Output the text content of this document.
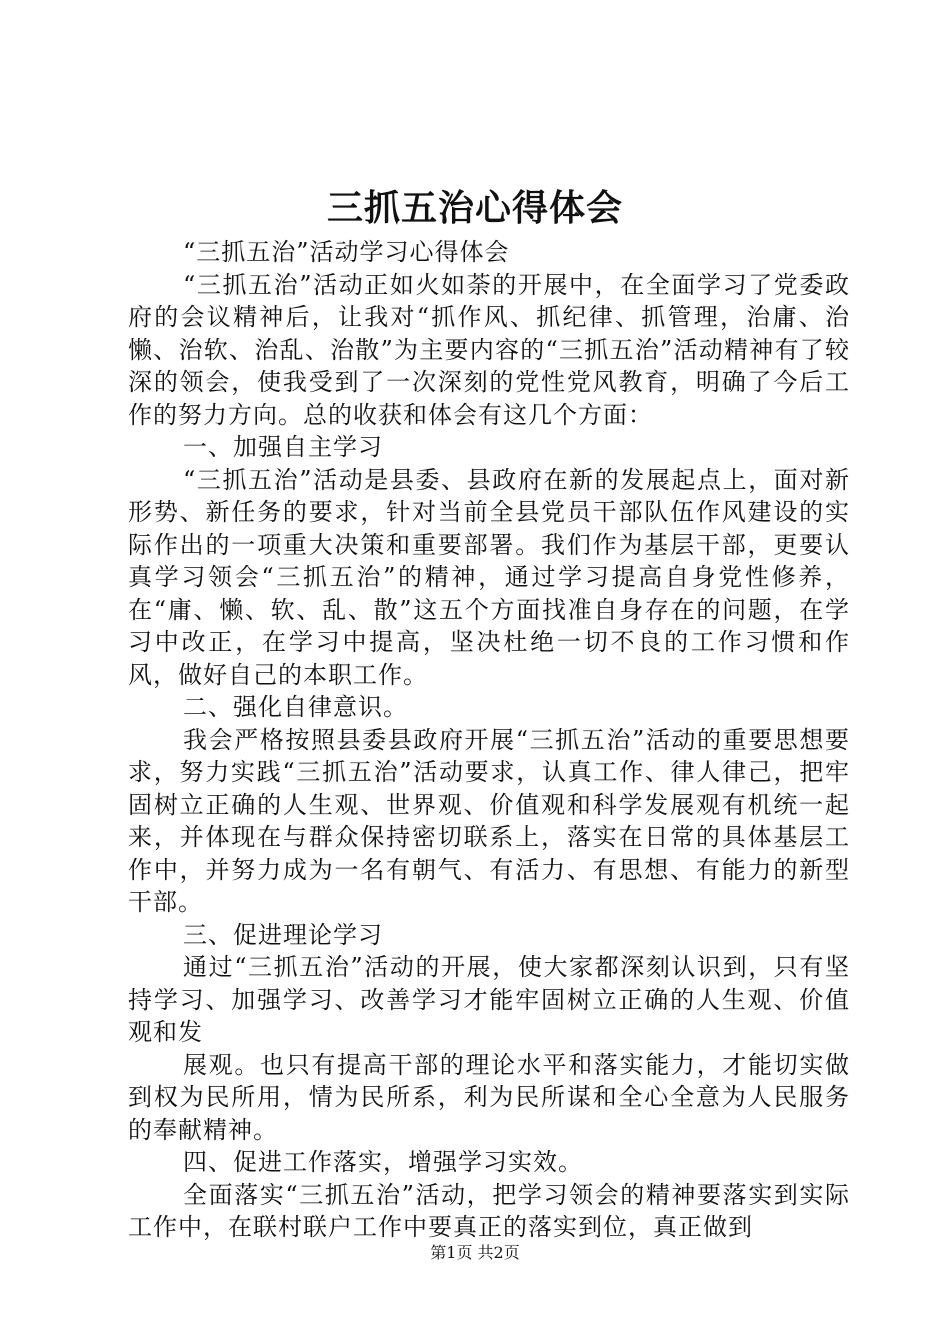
三抓五治心得体会

“三抓五治”活动学习心得体会

“三抓五治”活动正如火如荼的开展中，在全面学习了党委政府的会议精神后，让我对“抓作风、抓纪律、抓管理，治庸、治懒、治软、治乱、治散”为主要内容的“三抓五治”活动精神有了较深的领会，使我受到了一次深刻的党性党风教育，明确了今后工作的努力方向。总的收获和体会有这几个方面：

一、加强自主学习

“三抓五治”活动是县委、县政府在新的发展起点上，面对新形势、新任务的要求，针对当前全县党员干部队伍作风建设的实际作出的一项重大决策和重要部署。我们作为基层干部，更要认真学习领会“三抓五治”的精神，通过学习提高自身党性修养，在“庸、懒、软、乱、散”这五个方面找准自身存在的问题，在学习中改正，在学习中提高，坚决杜绝一切不良的工作习惯和作风，做好自己的本职工作。

二、强化自律意识。

我会严格按照县委县政府开展“三抓五治”活动的重要思想要求，努力实践“三抓五治”活动要求，认真工作、律人律己，把牢固树立正确的人生观、世界观、价值观和科学发展观有机统一起来，并体现在与群众保持密切联系上，落实在日常的具体基层工作中，并努力成为一名有朝气、有活力、有思想、有能力的新型干部。

三、促进理论学习

通过“三抓五治”活动的开展，使大家都深刻认识到，只有坚持学习、加强学习、改善学习才能牢固树立正确的人生观、价值观和发

展观。也只有提高干部的理论水平和落实能力，才能切实做到权为民所用，情为民所系，利为民所谋和全心全意为人民服务的奉献精神。

四、促进工作落实，增强学习实效。

全面落实“三抓五治”活动，把学习领会的精神要落实到实际工作中，在联村联户工作中要真正的落实到位，真正做到

第1页 共2页
